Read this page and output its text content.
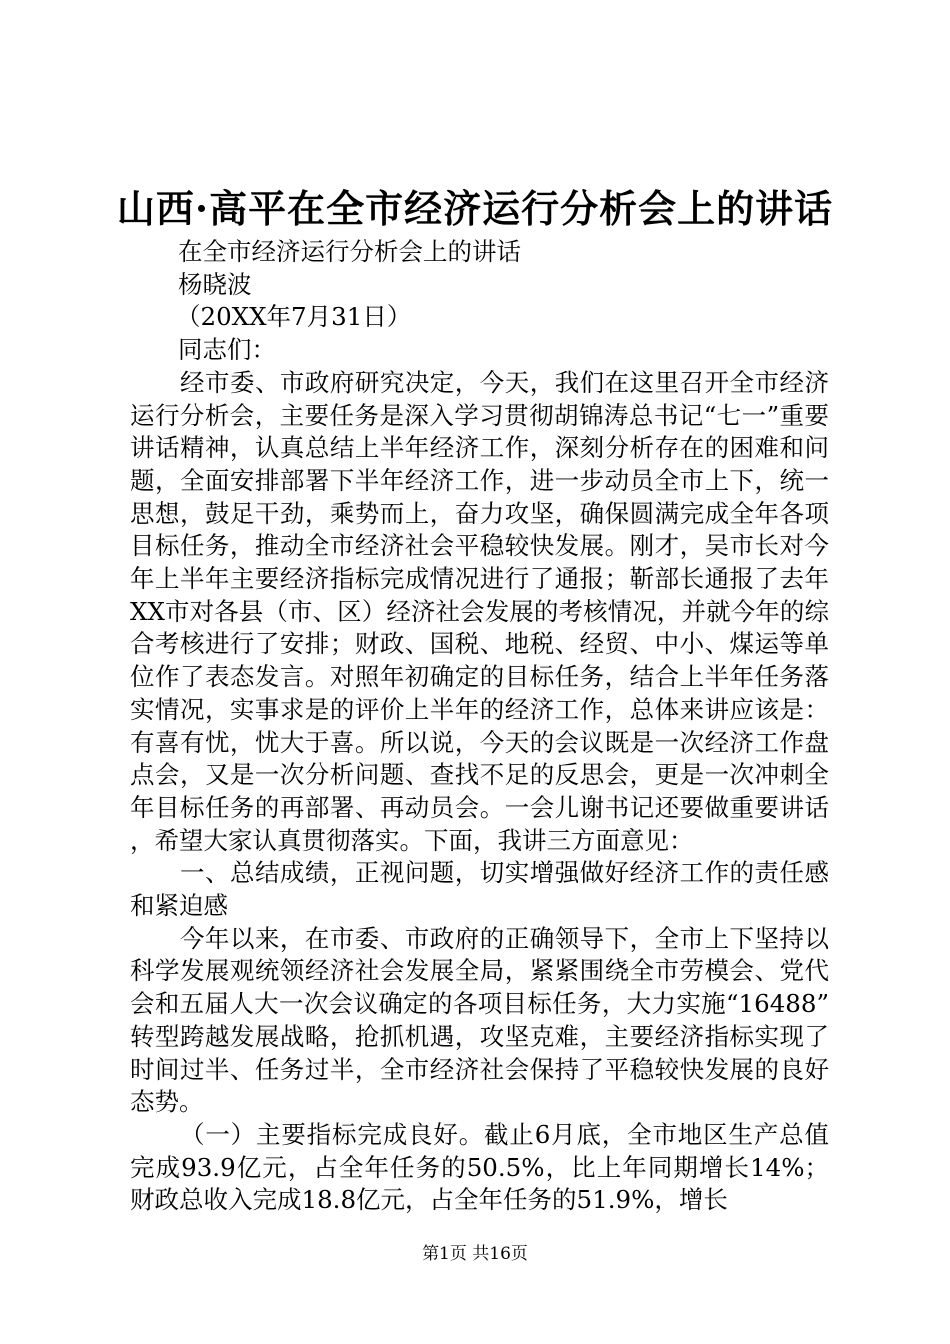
山西·高平在全市经济运行分析会上的讲话

在全市经济运行分析会上的讲话

杨晓波

（20XX年7月31日）

同志们：

经市委、市政府研究决定，今天，我们在这里召开全市经济运行分析会，主要任务是深入学习贯彻胡锦涛总书记“七一”重要讲话精神，认真总结上半年经济工作，深刻分析存在的困难和问题，全面安排部署下半年经济工作，进一步动员全市上下，统一思想，鼓足干劲，乘势而上，奋力攻坚，确保圆满完成全年各项目标任务，推动全市经济社会平稳较快发展。刚才，吴市长对今年上半年主要经济指标完成情况进行了通报；靳部长通报了去年XX市对各县（市、区）经济社会发展的考核情况，并就今年的综合考核进行了安排；财政、国税、地税、经贸、中小、煤运等单位作了表态发言。对照年初确定的目标任务，结合上半年任务落实情况，实事求是的评价上半年的经济工作，总体来讲应该是：有喜有忧，忧大于喜。所以说，今天的会议既是一次经济工作盘点会，又是一次分析问题、查找不足的反思会，更是一次冲刺全年目标任务的再部署、再动员会。一会儿谢书记还要做重要讲话，希望大家认真贯彻落实。下面，我讲三方面意见：

一、总结成绩，正视问题，切实增强做好经济工作的责任感和紧迫感

今年以来，在市委、市政府的正确领导下，全市上下坚持以科学发展观统领经济社会发展全局，紧紧围绕全市劳模会、党代会和五届人大一次会议确定的各项目标任务，大力实施“16488”转型跨越发展战略，抢抓机遇，攻坚克难，主要经济指标实现了时间过半、任务过半，全市经济社会保持了平稳较快发展的良好态势。

（一）主要指标完成良好。截止6月底，全市地区生产总值完成93.9亿元，占全年任务的50.5%，比上年同期增长14%；财政总收入完成18.8亿元，占全年任务的51.9%，增长

第1页 共16页
